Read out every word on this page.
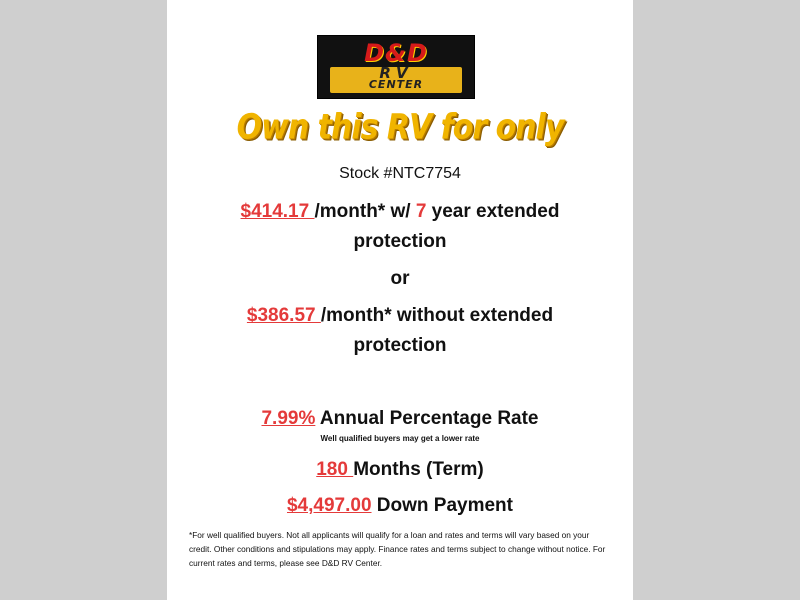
D&D
RV
CENTER
Own this RV for only
Stock #NTC7754
$414.17 /month* w/ 7 year extended
protection
or
$386.57 /month* without extended
protection
7.99% Annual Percentage Rate
Well qualified buyers may get a lower rate
180 Months (Term)
$4,497.00 Down Payment
*For well qualified buyers. Not all applicants will qualify for a loan and rates and terms will vary based on your credit. Other conditions and stipulations may apply. Finance rates and terms subject to change without notice. For current rates and terms, please see D&D RV Center.
